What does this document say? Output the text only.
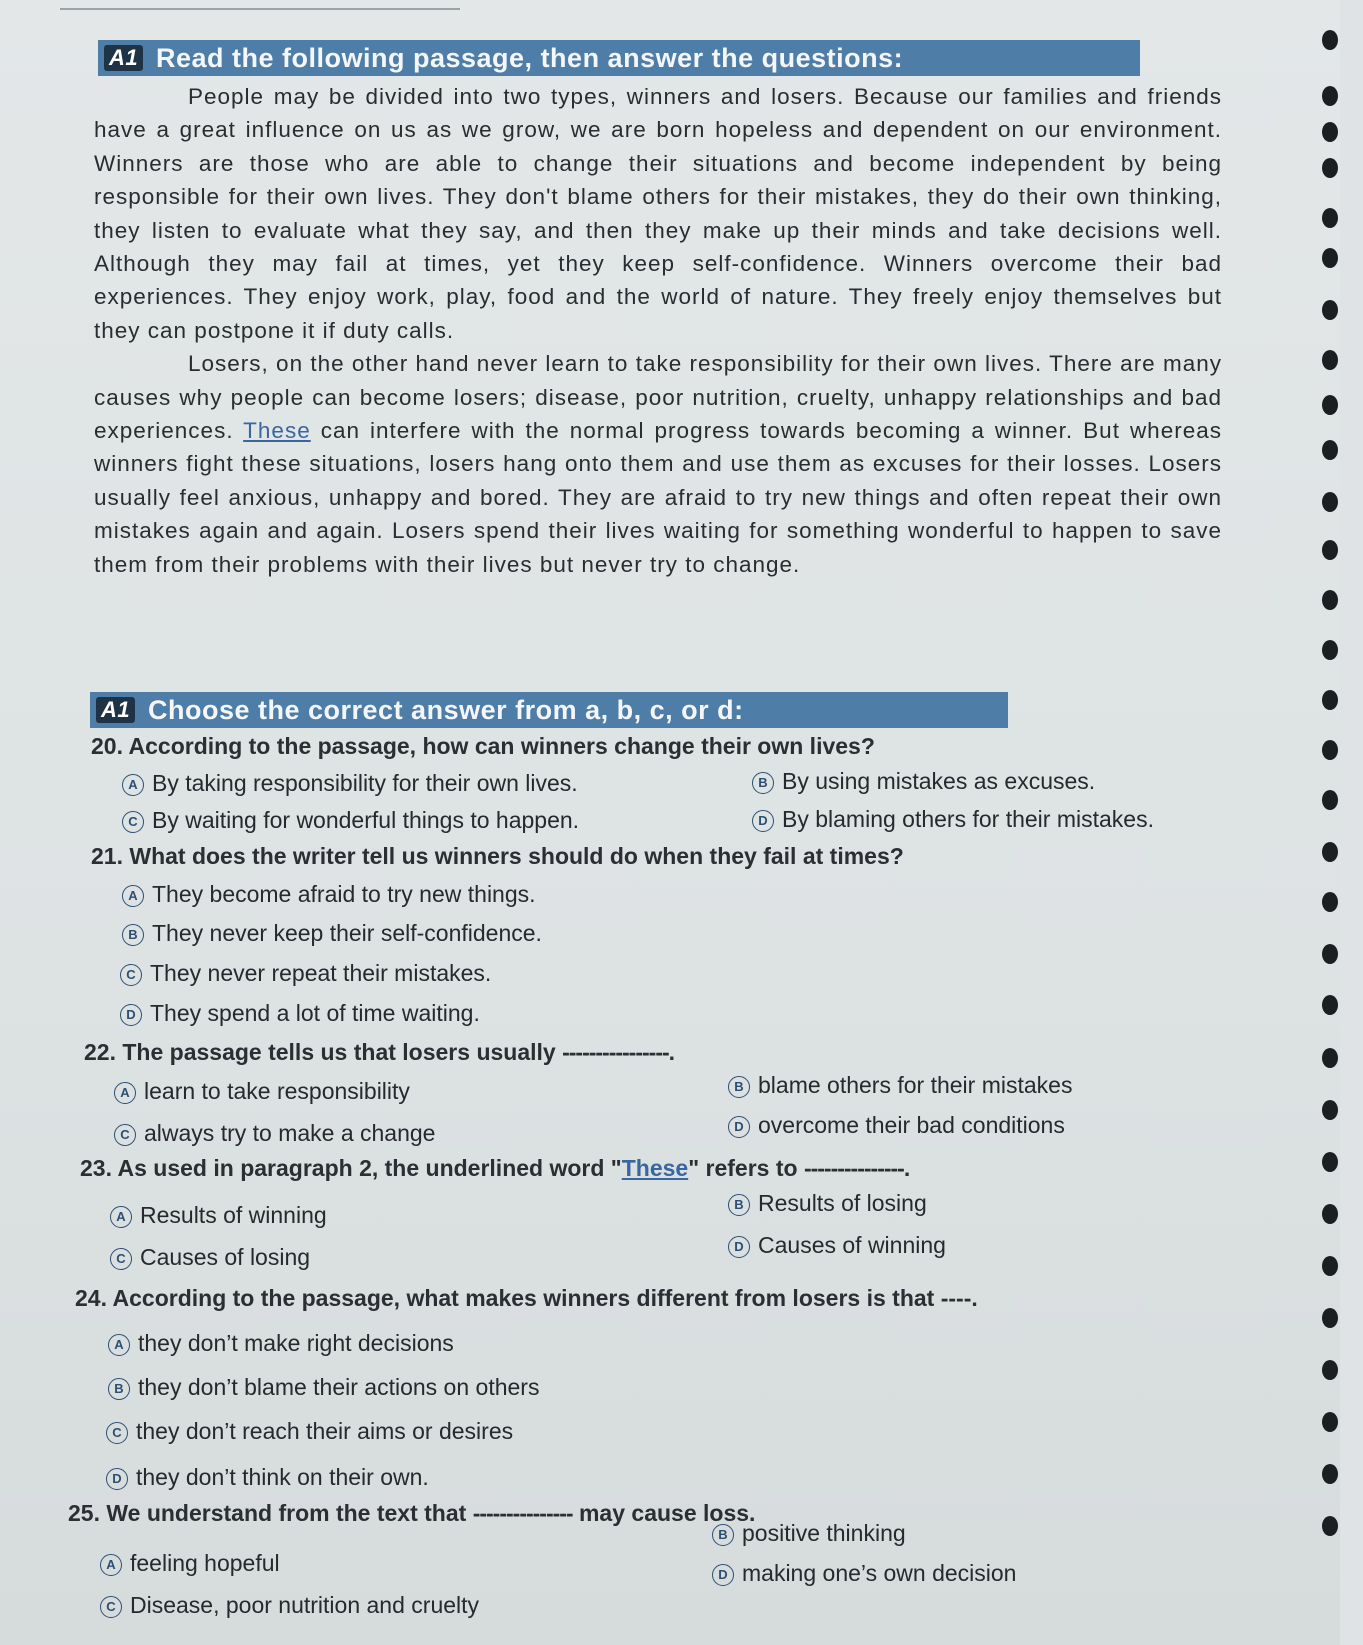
A1 Read the following passage, then answer the questions:

People may be divided into two types, winners and losers. Because our families and friends have a great influence on us as we grow, we are born hopeless and dependent on our environment. Winners are those who are able to change their situations and become independent by being responsible for their own lives. They don't blame others for their mistakes, they do their own thinking, they listen to evaluate what they say, and then they make up their minds and take decisions well. Although they may fail at times, yet they keep self-confidence. Winners overcome their bad experiences. They enjoy work, play, food and the world of nature. They freely enjoy themselves but they can postpone it if duty calls.

Losers, on the other hand never learn to take responsibility for their own lives. There are many causes why people can become losers; disease, poor nutrition, cruelty, unhappy relationships and bad experiences. These can interfere with the normal progress towards becoming a winner. But whereas winners fight these situations, losers hang onto them and use them as excuses for their losses. Losers usually feel anxious, unhappy and bored. They are afraid to try new things and often repeat their own mistakes again and again. Losers spend their lives waiting for something wonderful to happen to save them from their problems with their lives but never try to change.

A1 Choose the correct answer from a, b, c, or d:
20. According to the passage, how can winners change their own lives?
A By taking responsibility for their own lives.	B By using mistakes as excuses.
C By waiting for wonderful things to happen.	D By blaming others for their mistakes.
21. What does the writer tell us winners should do when they fail at times?
A They become afraid to try new things.
B They never keep their self-confidence.
C They never repeat their mistakes.
D They spend a lot of time waiting.
22. The passage tells us that losers usually ----------------.
A learn to take responsibility	B blame others for their mistakes
C always try to make a change	D overcome their bad conditions
23. As used in paragraph 2, the underlined word "These" refers to ---------------.
A Results of winning	B Results of losing
C Causes of losing	D Causes of winning
24. According to the passage, what makes winners different from losers is that ----.
A they don’t make right decisions
B they don’t blame their actions on others
C they don’t reach their aims or desires
D they don’t think on their own.
25. We understand from the text that --------------- may cause loss.
A feeling hopeful
B positive thinking
C Disease, poor nutrition and cruelty
D making one’s own decision
